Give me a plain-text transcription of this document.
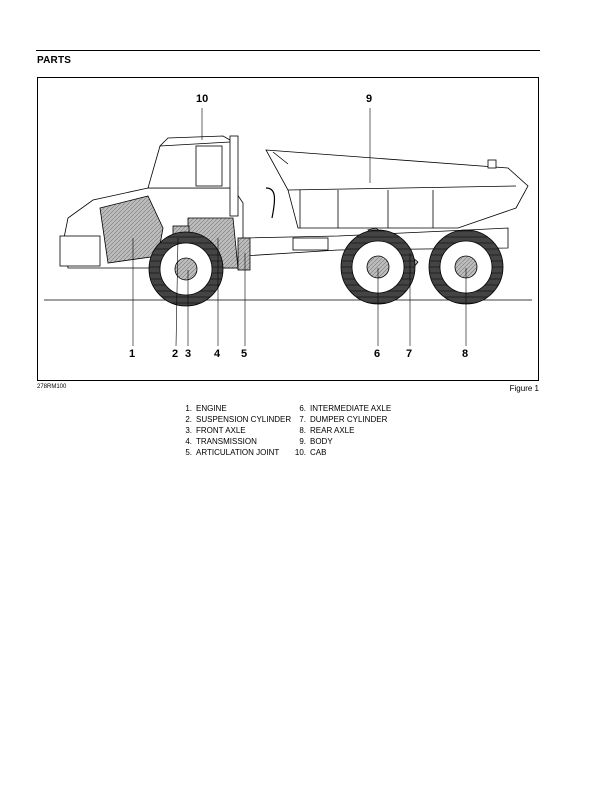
PARTS
10	9
1	2 3 4 5	6 7	8
278RM100	Figure 1
1. ENGINE
2. SUSPENSION CYLINDER
3. FRONT AXLE
4. TRANSMISSION
5. ARTICULATION JOINT
6. INTERMEDIATE AXLE
7. DUMPER CYLINDER
8. REAR AXLE
9. BODY
10. CAB
